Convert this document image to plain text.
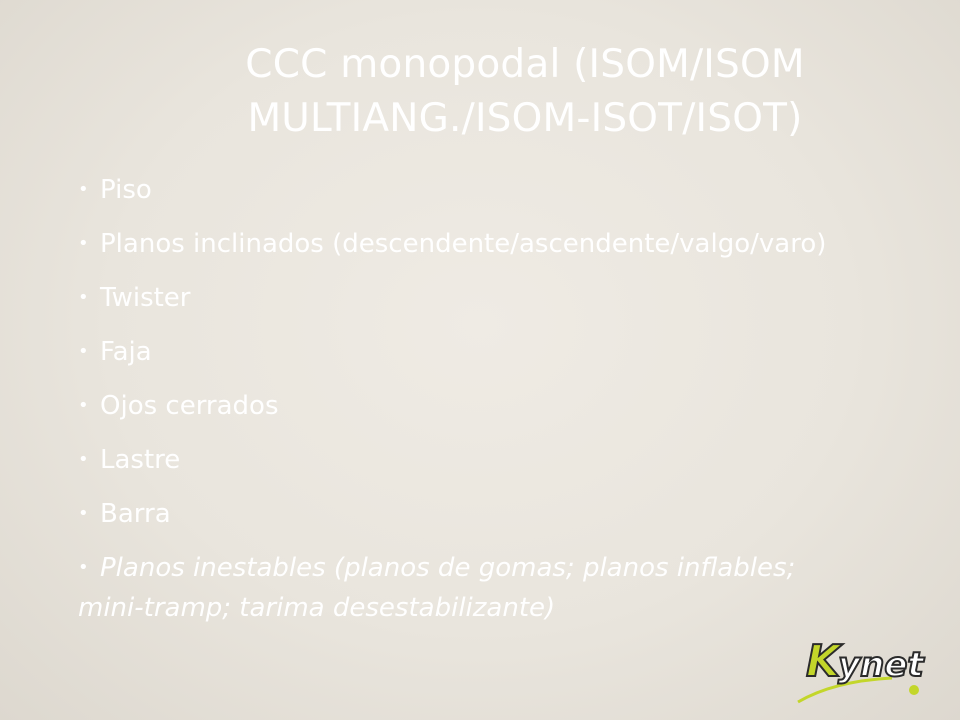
CCC monopodal (ISOM/ISOM
MULTIANG./ISOM-ISOT/ISOT)
• Piso
• Planos inclinados (descendente/ascendente/valgo/varo)
• Twister
• Faja
• Ojos cerrados
• Lastre
• Barra
• Planos inestables (planos de gomas; planos inflables; mini-tramp; tarima desestabilizante)
K
ynet
